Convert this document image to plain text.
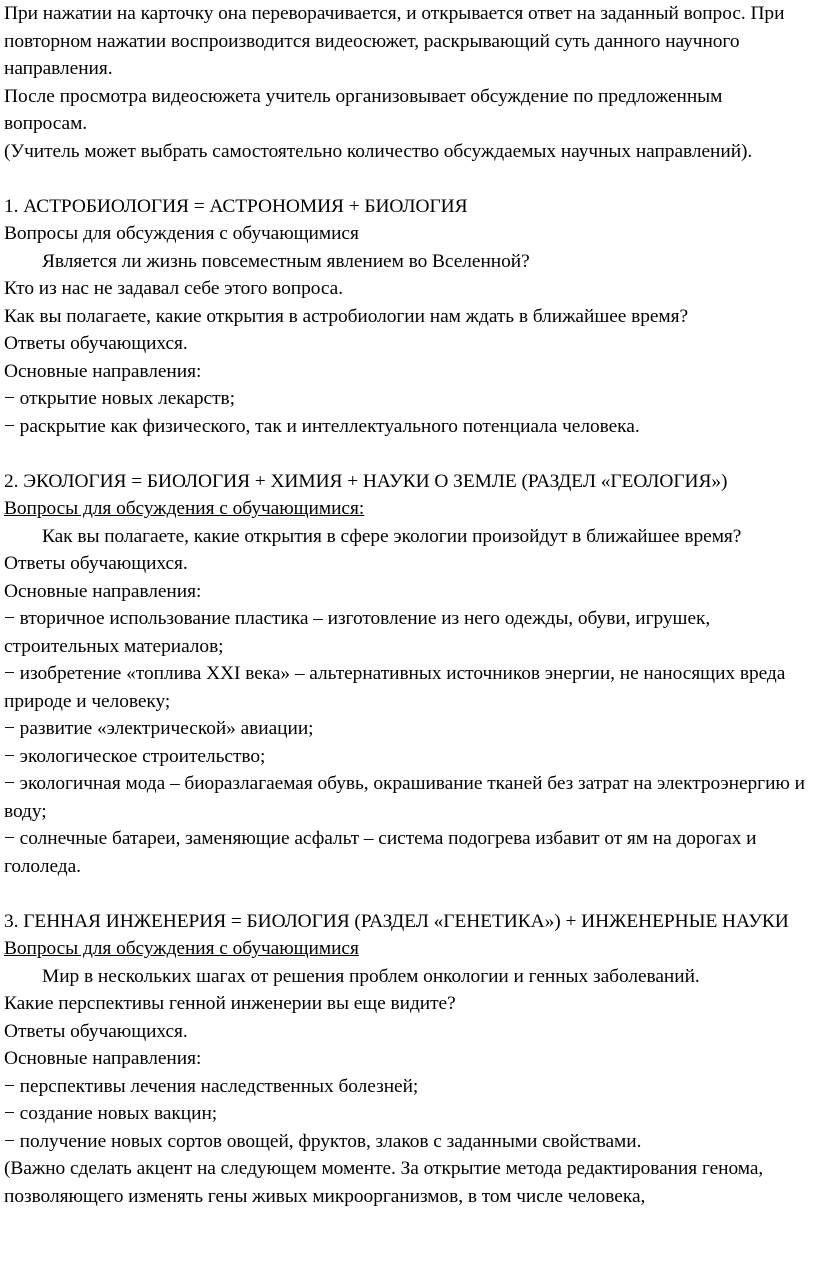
При нажатии на карточку она переворачивается, и открывается ответ на заданный вопрос. При повторном нажатии воспроизводится видеосюжет, раскрывающий суть данного научного направления.

После просмотра видеосюжета учитель организовывает обсуждение по предложенным вопросам.

(Учитель может выбрать самостоятельно количество обсуждаемых научных направлений).

1. АСТРОБИОЛОГИЯ = АСТРОНОМИЯ + БИОЛОГИЯ

Вопросы для обсуждения с обучающимися

Является ли жизнь повсеместным явлением во Вселенной?

Кто из нас не задавал себе этого вопроса.

Как вы полагаете, какие открытия в астробиологии нам ждать в ближайшее время?

Ответы обучающихся.

Основные направления:

− открытие новых лекарств;

− раскрытие как физического, так и интеллектуального потенциала человека.

2. ЭКОЛОГИЯ = БИОЛОГИЯ + ХИМИЯ + НАУКИ О ЗЕМЛЕ (РАЗДЕЛ «ГЕОЛОГИЯ»)

Вопросы для обсуждения с обучающимися:

Как вы полагаете, какие открытия в сфере экологии произойдут в ближайшее время?

Ответы обучающихся.

Основные направления:

− вторичное использование пластика – изготовление из него одежды, обуви, игрушек, строительных материалов;

− изобретение «топлива XXI века» – альтернативных источников энергии, не наносящих вреда природе и человеку;

− развитие «электрической» авиации;

− экологическое строительство;

− экологичная мода – биоразлагаемая обувь, окрашивание тканей без затрат на электроэнергию и воду;

− солнечные батареи, заменяющие асфальт – система подогрева избавит от ям на дорогах и гололеда.

3. ГЕННАЯ ИНЖЕНЕРИЯ = БИОЛОГИЯ (РАЗДЕЛ «ГЕНЕТИКА») + ИНЖЕНЕРНЫЕ НАУКИ

Вопросы для обсуждения с обучающимися

Мир в нескольких шагах от решения проблем онкологии и генных заболеваний.

Какие перспективы генной инженерии вы еще видите?

Ответы обучающихся.

Основные направления:

− перспективы лечения наследственных болезней;

− создание новых вакцин;

− получение новых сортов овощей, фруктов, злаков с заданными свойствами.

(Важно сделать акцент на следующем моменте. За открытие метода редактирования генома, позволяющего изменять гены живых микроорганизмов, в том числе человека,
